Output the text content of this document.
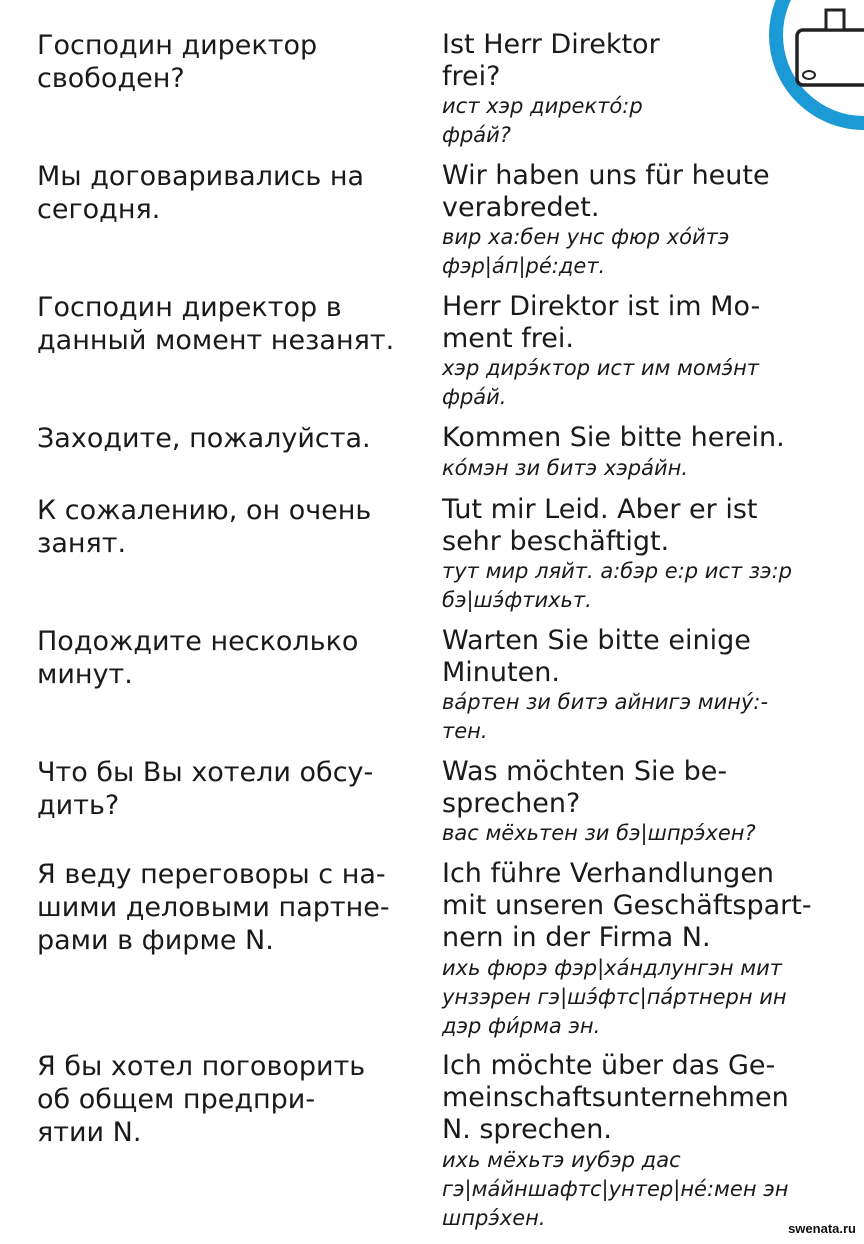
Господин директор
свободен?
Ist Herr Direktor
frei?
ист хэр директó:р
фрáй?
Мы договаривались на
сегодня.
Wir haben uns für heute
verabredet.
вир ха:бен унс фюр хóйтэ
фэр|áп|рé:дет.
Господин директор в
данный момент незанят.
Herr Direktor ist im Mo-
ment frei.
хэр дирэ́ктор ист им момэ́нт
фрáй.
Заходите, пожалуйста.	Kommen Sie bitte herein.
кóмэн зи битэ хэрáйн.
К сожалению, он очень
занят.
Tut mir Leid. Aber er ist
sehr beschäftigt.
тут мир ляйт. а:бэр е:р ист зэ:р
бэ|шэ́фтихьт.
Подождите несколько
минут.
Warten Sie bitte einige
Minuten.
вáртен зи битэ айнигэ минý:-
тен.
Что бы Вы хотели обсу-
дить?
Was möchten Sie be-
sprechen?
вас мёхьтен зи бэ|шпрэ́хен?
Я веду переговоры с на-
шими деловыми партне-
рами в фирме N.
Ich führe Verhandlungen
mit unseren Geschäftspart-
nern in der Firma N.
ихь фюрэ фэр|хáндлунгэн мит
унзэрен гэ|шэ́фтс|пáртнерн ин
дэр фи́рма эн.
Я бы хотел поговорить
об общем предпри-
ятии N.
Ich möchte über das Ge-
meinschaftsunternehmen
N. sprechen.
ихь мёхьтэ иубэр дас
гэ|мáйншафтс|унтер|нé:мен эн
шпрэ́хен.	swenata.ru
